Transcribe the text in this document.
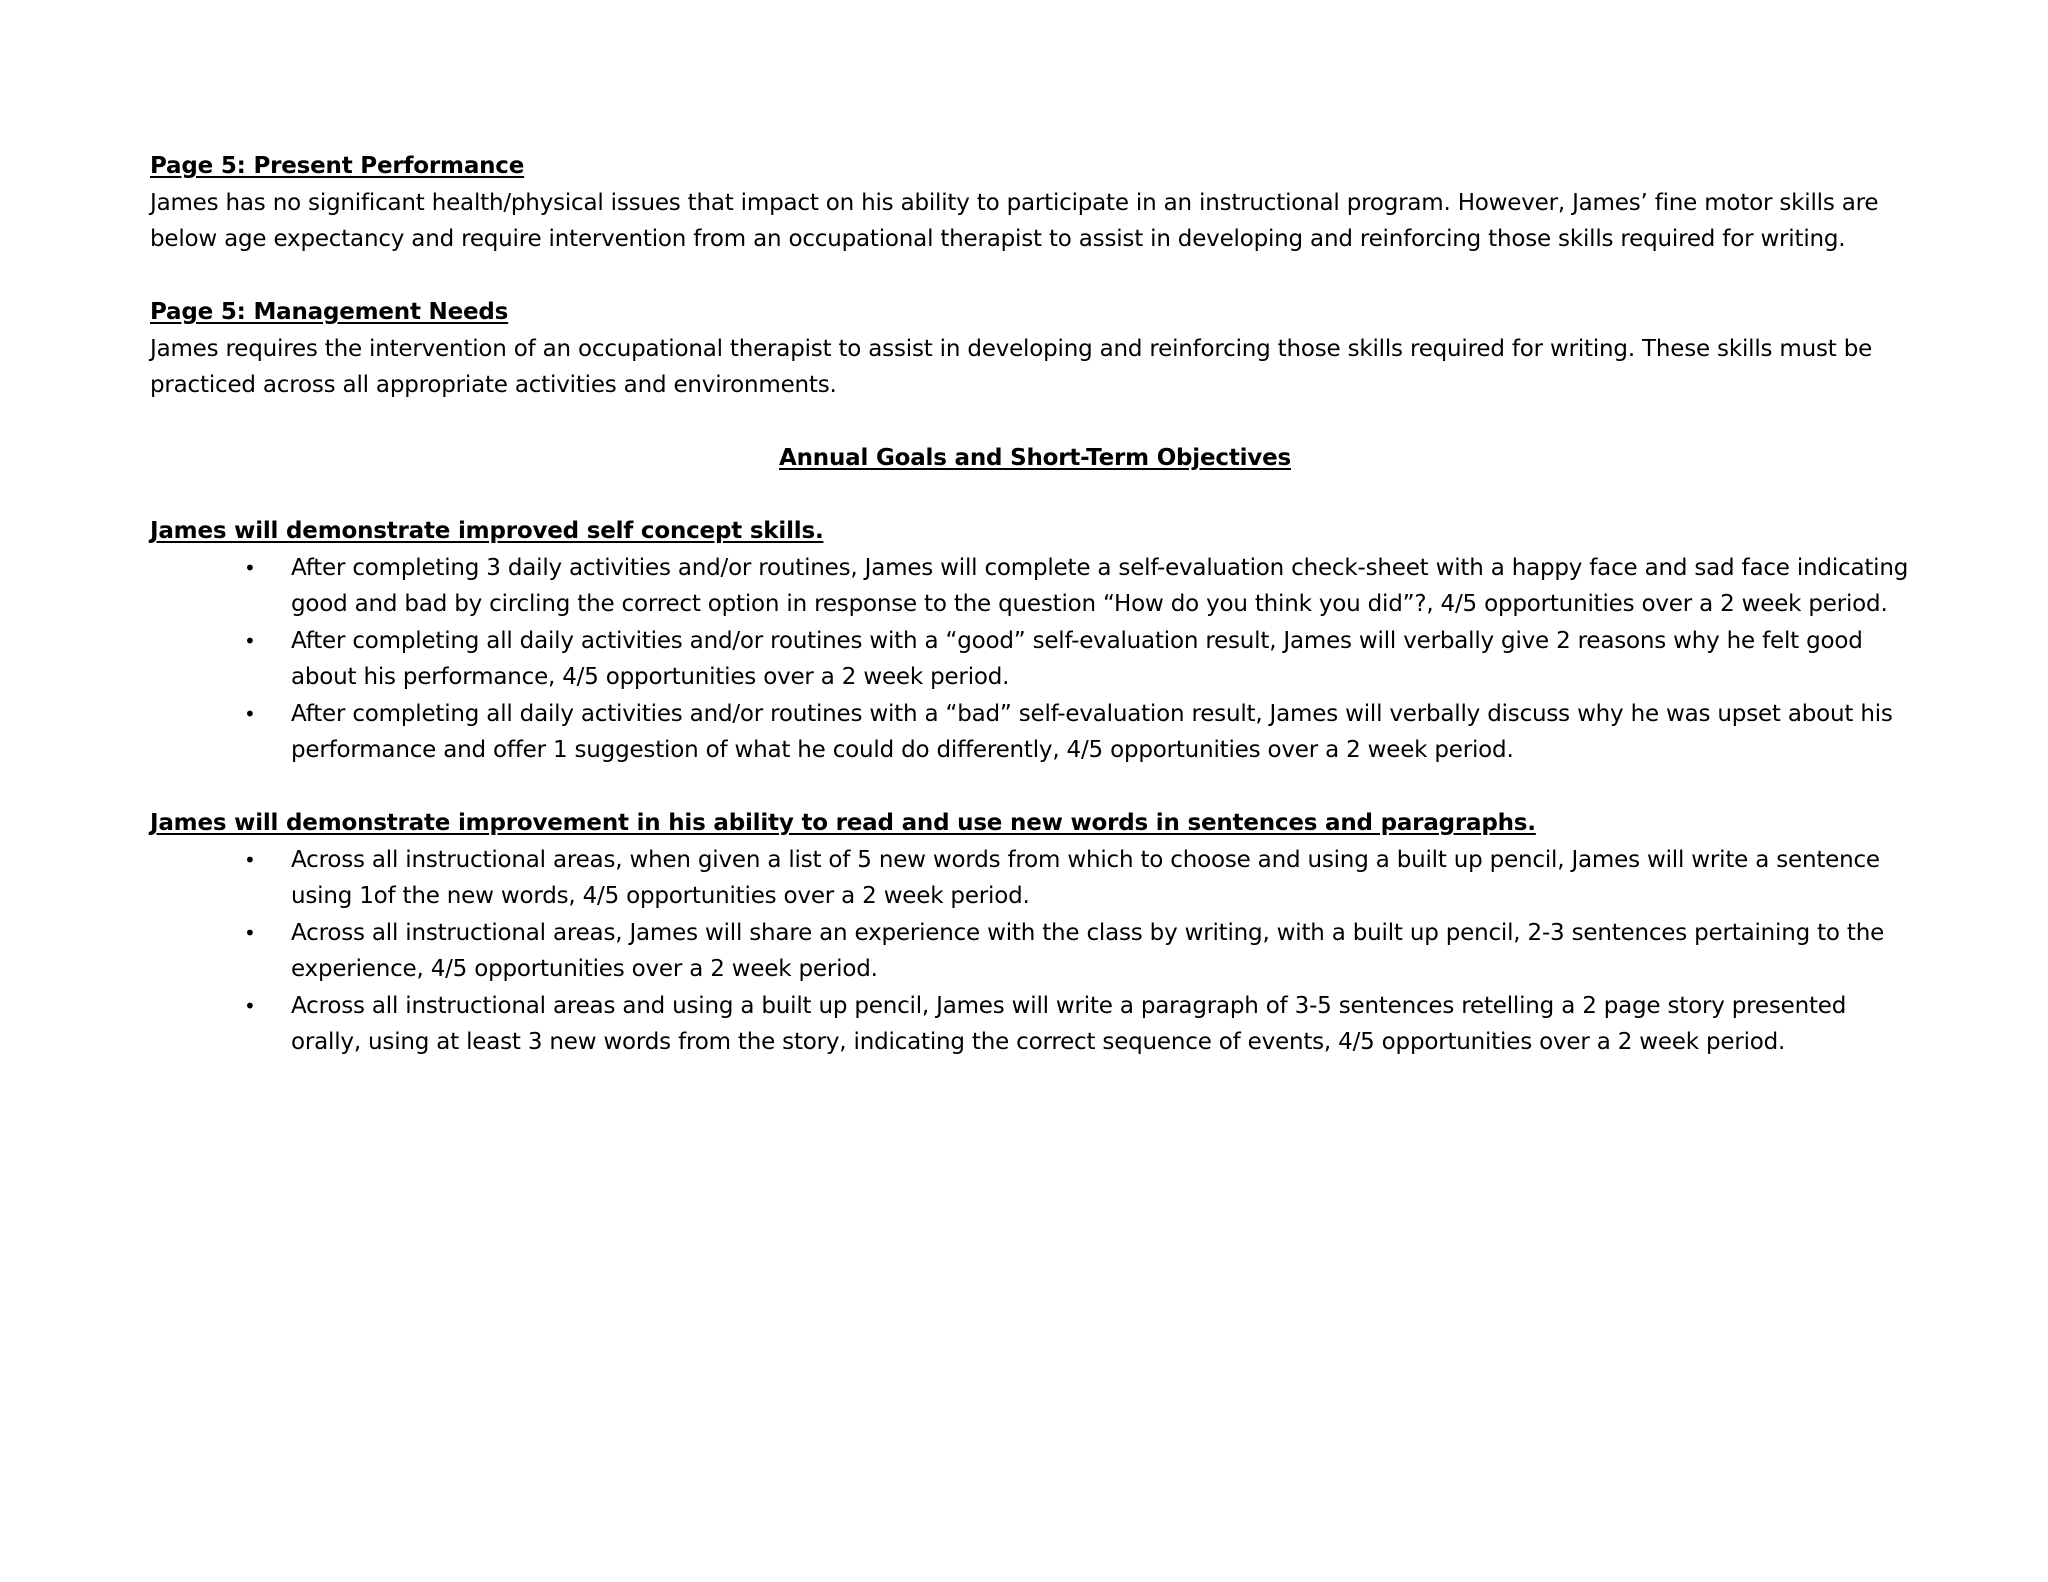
Page 5: Present Performance

James has no significant health/physical issues that impact on his ability to participate in an instructional program. However, James’ fine motor skills are below age expectancy and require intervention from an occupational therapist to assist in developing and reinforcing those skills required for writing.

Page 5: Management Needs

James requires the intervention of an occupational therapist to assist in developing and reinforcing those skills required for writing. These skills must be practiced across all appropriate activities and environments.

Annual Goals and Short-Term Objectives

James will demonstrate improved self concept skills.

• After completing 3 daily activities and/or routines, James will complete a self-evaluation check-sheet with a happy face and sad face indicating good and bad by circling the correct option in response to the question “How do you think you did”?, 4/5 opportunities over a 2 week period.
• After completing all daily activities and/or routines with a “good” self-evaluation result, James will verbally give 2 reasons why he felt good about his performance, 4/5 opportunities over a 2 week period.
• After completing all daily activities and/or routines with a “bad” self-evaluation result, James will verbally discuss why he was upset about his performance and offer 1 suggestion of what he could do differently, 4/5 opportunities over a 2 week period.

James will demonstrate improvement in his ability to read and use new words in sentences and paragraphs.

• Across all instructional areas, when given a list of 5 new words from which to choose and using a built up pencil, James will write a sentence using 1of the new words, 4/5 opportunities over a 2 week period.
• Across all instructional areas, James will share an experience with the class by writing, with a built up pencil, 2-3 sentences pertaining to the experience, 4/5 opportunities over a 2 week period.
• Across all instructional areas and using a built up pencil, James will write a paragraph of 3-5 sentences retelling a 2 page story presented orally, using at least 3 new words from the story, indicating the correct sequence of events, 4/5 opportunities over a 2 week period.
